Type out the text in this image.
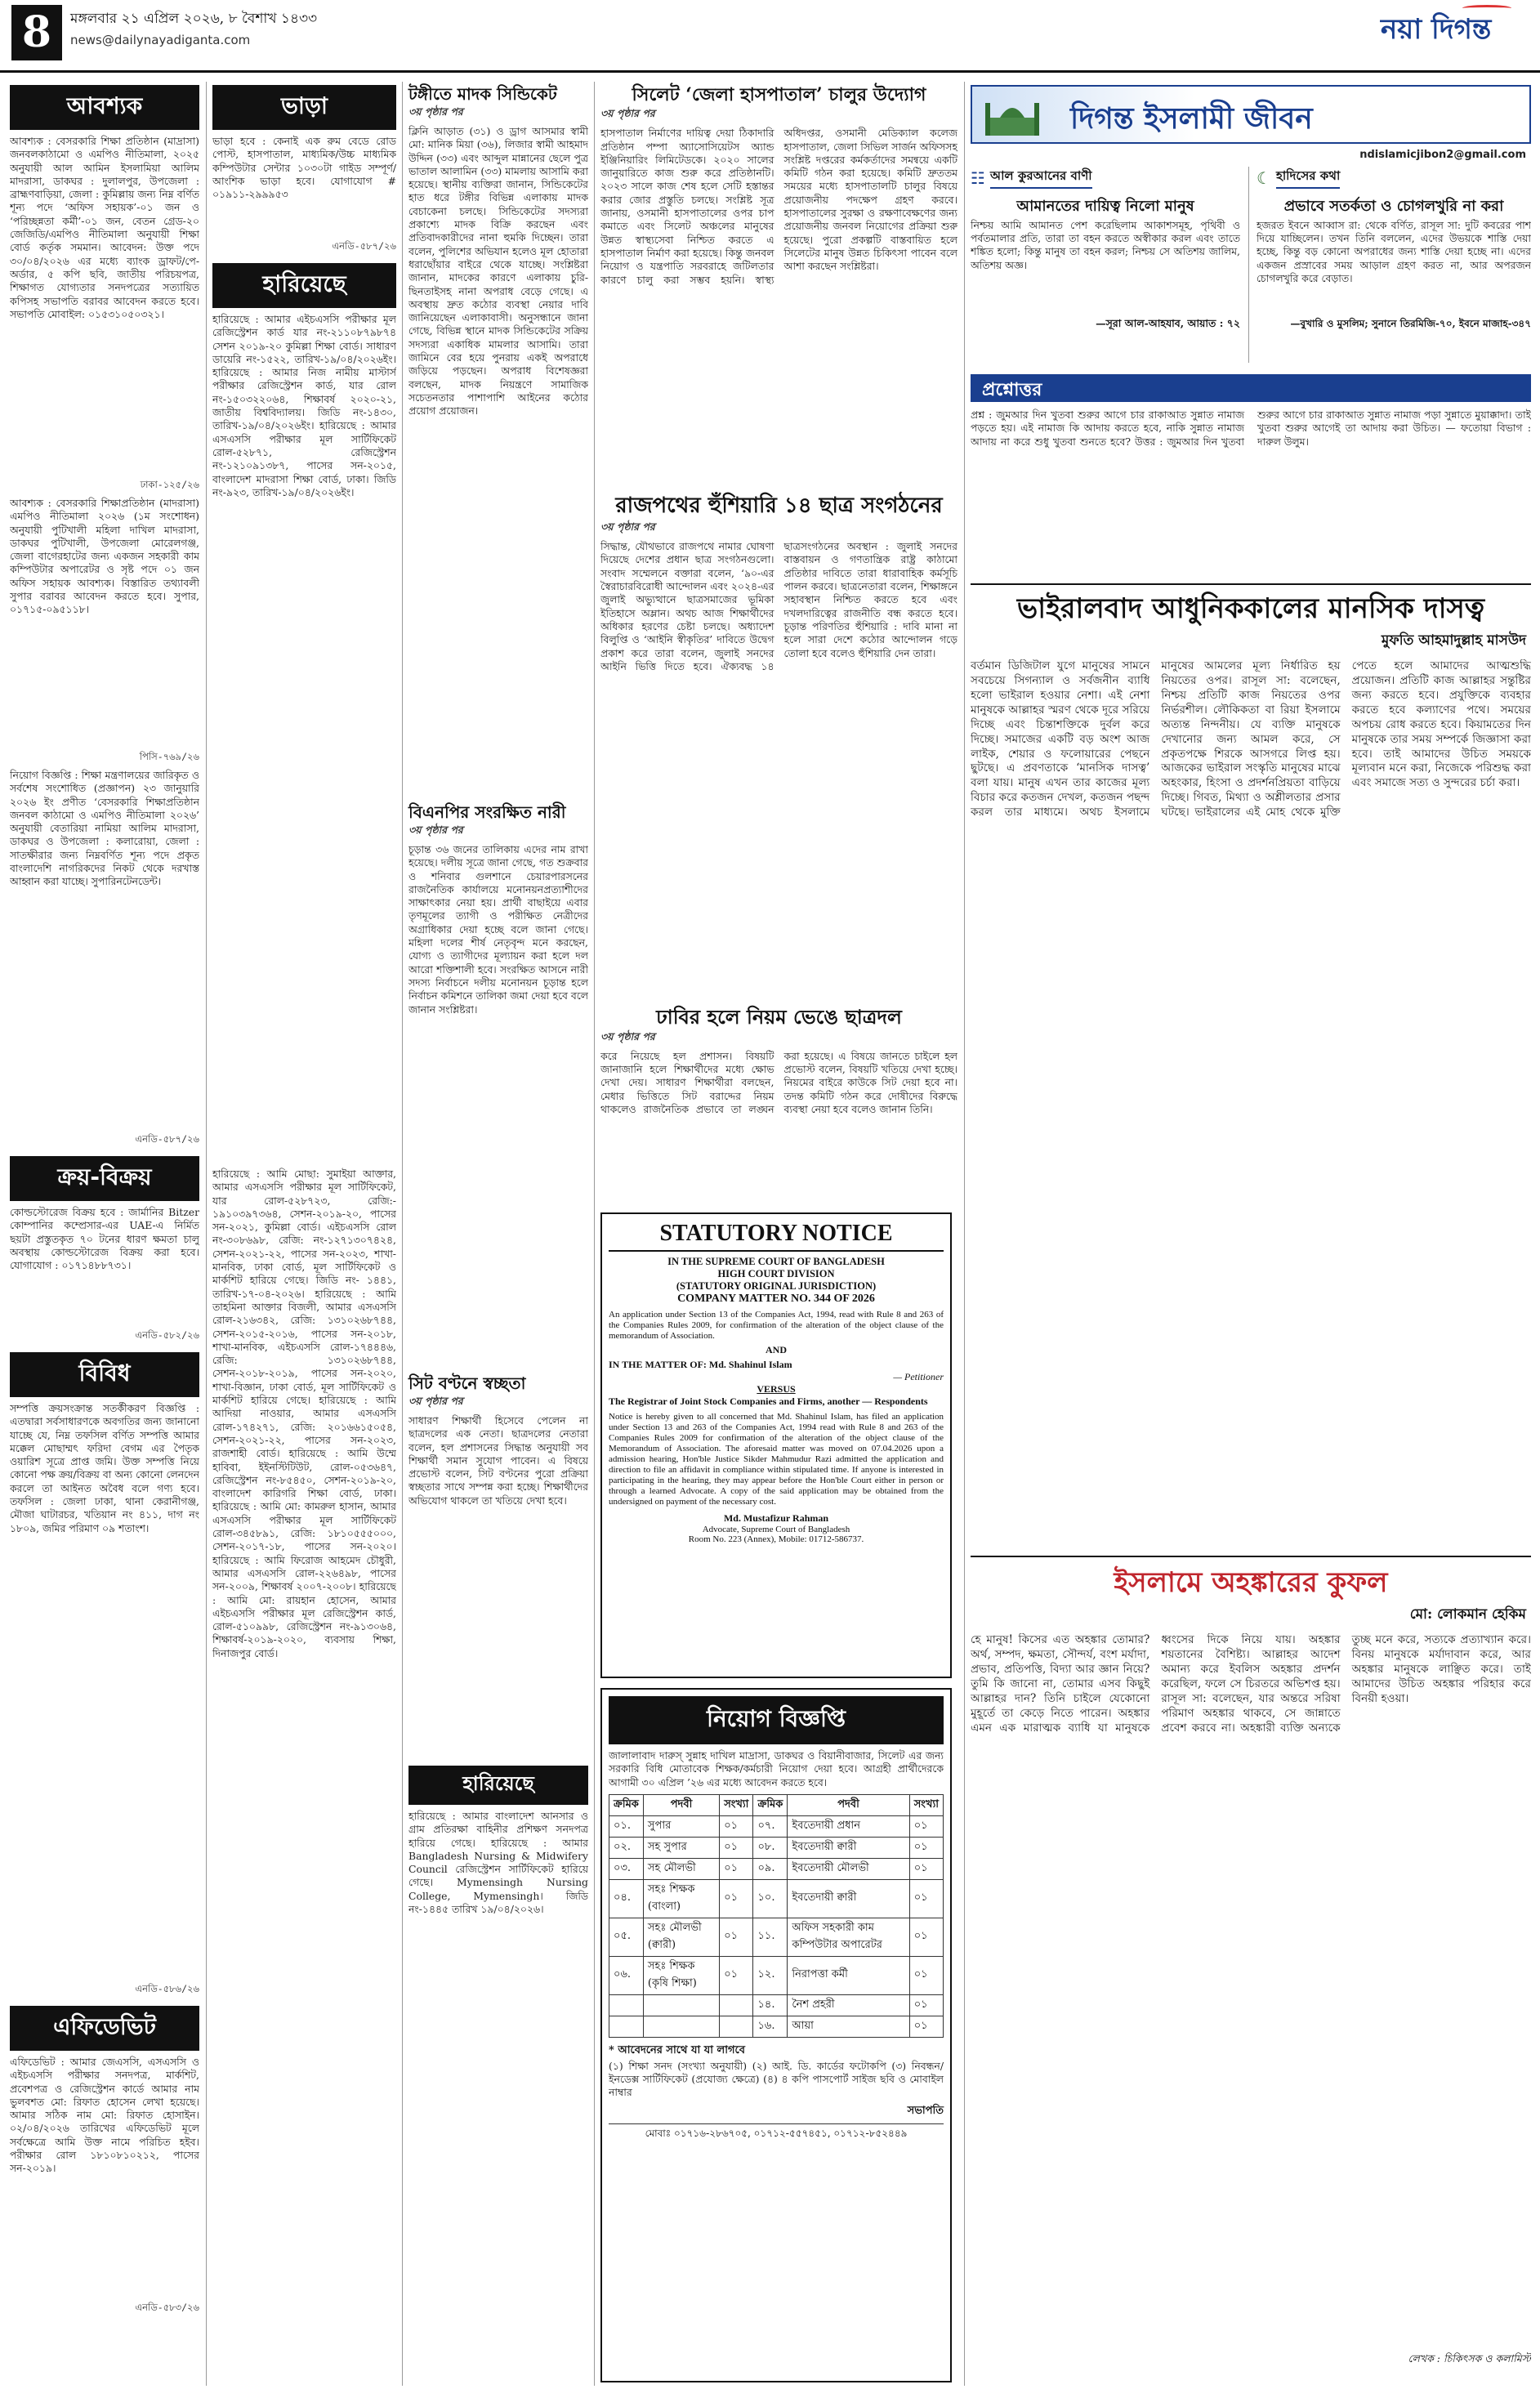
8	মঙ্গলবার ২১ এপ্রিল ২০২৬, ৮ বৈশাখ ১৪৩৩
news@dailynayadiganta.com	নয়া দিগন্ত
আবশ্যক
আবশ্যক : বেসরকারি শিক্ষা প্রতিষ্ঠান (মাদ্রাসা) জনবলকাঠামো ও এমপিও নীতিমালা, ২০২৫ অনুযায়ী আল আমিন ইসলামিয়া আলিম মাদরাসা, ডাকঘর : দুলালপুর, উপজেলা : ব্রাহ্মণবাড়িয়া, জেলা : কুমিল্লায় জন্য নিম্ন বর্ণিত শূন্য পদে ‘অফিস সহায়ক’-০১ জন ও ‘পরিচ্ছন্নতা কর্মী’-০১ জন, বেতন গ্রেড-২০ জেজিডি/এমপিও নীতিমালা অনুযায়ী শিক্ষা বোর্ড কর্তৃক সমমান। আবেদন: উক্ত পদে ৩০/০৪/২০২৬ এর মধ্যে ব্যাংক ড্রাফট/পে-অর্ডার, ৫ কপি ছবি, জাতীয় পরিচয়পত্র, শিক্ষাগত যোগ্যতার সনদপত্রের সত্যায়িত কপিসহ সভাপতি বরাবর আবেদন করতে হবে। সভাপতি মোবাইল: ০১৫৩১০৫০৩২১।
ঢাকা-১২৫/২৬
আবশ্যক : বেসরকারি শিক্ষাপ্রতিষ্ঠান (মাদরাসা) এমপিও নীতিমালা ২০২৬ (১ম সংশোধন) অনুযায়ী পুটিখালী মহিলা দাখিল মাদরাসা, ডাকঘর পুটিখালী, উপজেলা মোরেলগঞ্জ, জেলা বাগেরহাটের জন্য একজন সহকারী কাম কম্পিউটার অপারেটর ও সৃষ্ট পদে ০১ জন অফিস সহায়ক আবশ্যক। বিস্তারিত তথ্যাবলী সুপার বরাবর আবেদন করতে হবে। সুপার, ০১৭১৫-০৯৫১১৮।
পিসি-৭৬৯/২৬
নিয়োগ বিজ্ঞপ্তি : শিক্ষা মন্ত্রণালয়ের জারিকৃত ও সর্বশেষ সংশোধিত (প্রজ্ঞাপন) ২৩ জানুয়ারি ২০২৬ ইং প্রণীত ‘বেসরকারি শিক্ষাপ্রতিষ্ঠান জনবল কাঠামো ও এমপিও নীতিমালা ২০২৬’ অনুযায়ী বেতারিয়া নামিয়া আলিম মাদরাসা, ডাকঘর ও উপজেলা : কলারোয়া, জেলা : সাতক্ষীরার জন্য নিম্নবর্ণিত শূন্য পদে প্রকৃত বাংলাদেশি নাগরিকদের নিকট থেকে দরখাস্ত আহ্বান করা যাচ্ছে। সুপারিনটেনডেন্ট।
এনডি-৫৮৭/২৬
ক্রয়-বিক্রয়
কোল্ডস্টোরেজ বিক্রয় হবে : জার্মানির Bitzer কোম্পানির কম্প্রেসার-এর UAE-এ নির্মিত ছয়টা প্রস্তুতকৃত ৭০ টনের ধারণ ক্ষমতা চালু অবস্থায় কোল্ডস্টোরেজ বিক্রয় করা হবে। যোগাযোগ : ০১৭১৪৮৮৭৩১।
এনডি-৫৮২/২৬
বিবিধ
সম্পত্তি ক্রয়সংক্রান্ত সতর্কীকরণ বিজ্ঞপ্তি : এতদ্বারা সর্বসাধারণকে অবগতির জন্য জানানো যাচ্ছে যে, নিম্ন তফসিল বর্ণিত সম্পত্তি আমার মক্কেল মোছাম্মৎ ফরিদা বেগম এর পৈতৃক ওয়ারিশ সূত্রে প্রাপ্ত জমি। উক্ত সম্পত্তি নিয়ে কোনো পক্ষ ক্রয়/বিক্রয় বা অন্য কোনো লেনদেন করলে তা আইনত অবৈধ বলে গণ্য হবে। তফসিল : জেলা ঢাকা, থানা কেরানীগঞ্জ, মৌজা ঘাটারচর, খতিয়ান নং ৪১১, দাগ নং ১৮০৯, জমির পরিমাণ ০৯ শতাংশ।
এনডি-৫৮৬/২৬
এফিডেভিট
এফিডেভিট : আমার জেএসসি, এসএসসি ও এইচএসসি পরীক্ষার সনদপত্র, মার্কশিট, প্রবেশপত্র ও রেজিস্ট্রেশন কার্ডে আমার নাম ভুলবশত মো: রিফাত হোসেন লেখা হয়েছে। আমার সঠিক নাম মো: রিফাত হোসাইন। ০২/০৪/২০২৬ তারিখের এফিডেভিট মূলে সর্বক্ষেত্রে আমি উক্ত নামে পরিচিত হইব। পরীক্ষার রোল ১৮১০৮১০২১২, পাসের সন-২০১৯।
এনডি-৫৮৩/২৬
ভাড়া
ভাড়া হবে : কেনাই এক রুম বেডে রোড পোস্ট, হাসপাতাল, মাধ্যমিক/উচ্চ মাধ্যমিক কম্পিউটার সেন্টার ১০৩০টা গাইড সম্পূর্ণ/আংশিক ভাড়া হবে। যোগাযোগ # ০১৯১১-২৯৯৯৫৩
এনডি-৫৮৭/২৬
হারিয়েছে
হারিয়েছে : আমার এইচএসসি পরীক্ষার মূল রেজিস্ট্রেশন কার্ড যার নং-২১১০৮৭৯৮৭৪ সেশন ২০১৯-২০ কুমিল্লা শিক্ষা বোর্ড। সাধারণ ডায়েরি নং-১৫২২, তারিখ-১৯/০৪/২০২৬ইং। হারিয়েছে : আমার নিজ নামীয় মাস্টার্স পরীক্ষার রেজিস্ট্রেশন কার্ড, যার রোল নং-১৫০৩২২০৬৪, শিক্ষাবর্ষ ২০২০-২১, জাতীয় বিশ্ববিদ্যালয়। জিডি নং-১৪৩০, তারিখ-১৯/০৪/২০২৬ইং। হারিয়েছে : আমার এসএসসি পরীক্ষার মূল সার্টিফিকেট রোল-৫২৮৭১, রেজিস্ট্রেশন নং-১২১০৯১৩৮৭, পাসের সন-২০১৫, বাংলাদেশ মাদরাসা শিক্ষা বোর্ড, ঢাকা। জিডি নং-৯২৩, তারিখ-১৯/০৪/২০২৬ইং।
হারিয়েছে : আমি মোছা: সুমাইয়া আক্তার, আমার এসএসসি পরীক্ষার মূল সার্টিফিকেট, যার রোল-৫২৮৭২৩, রেজি:- ১৯১০৩৯৭৩৬৪, সেশন-২০১৯-২০, পাসের সন-২০২১, কুমিল্লা বোর্ড। এইচএসসি রোল নং-৩০৮৬৯৮, রেজি: নং-১২৭১৩০৭৪২৪, সেশন-২০২১-২২, পাসের সন-২০২৩, শাখা-মানবিক, ঢাকা বোর্ড, মূল সার্টিফিকেট ও মার্কশিট হারিয়ে গেছে। জিডি নং- ১৪৪১, তারিখ-১৭-০৪-২০২৬। হারিয়েছে : আমি তাহমিনা আক্তার বিজলী, আমার এসএসসি রোল-২১৬৩৪২, রেজি: ১৩১০২৬৮৭৪৪, সেশন-২০১৫-২০১৬, পাসের সন-২০১৮, শাখা-মানবিক, এইচএসসি রোল-১৭৪৪৪৬, রেজি: ১৩১০২৬৮৭৪৪, সেশন-২০১৮-২০১৯, পাসের সন-২০২০, শাখা-বিজ্ঞান, ঢাকা বোর্ড, মূল সার্টিফিকেট ও মার্কশিট হারিয়ে গেছে। হারিয়েছে : আমি আদিয়া নাওয়ার, আমার এসএসসি রোল-১৭৪২৭১, রেজি: ২০১৬৬১৫০৫৪, সেশন-২০২১-২২, পাসের সন-২০২৩, রাজশাহী বোর্ড। হারিয়েছে : আমি উম্মে হাবিবা, ইইনস্টিটিউট, রোল-০৫৩৬৪৭, রেজিস্ট্রেশন নং-৮৫৪৫০, সেশন-২০১৯-২০, বাংলাদেশ কারিগরি শিক্ষা বোর্ড, ঢাকা। হারিয়েছে : আমি মো: কামরুল হাসান, আমার এসএসসি পরীক্ষার মূল সার্টিফিকেট রোল-৩৪৫৮৯১, রেজি: ১৮১০৫৫৫০০০, সেশন-২০১৭-১৮, পাসের সন-২০২০। হারিয়েছে : আমি ফিরোজ আহমেদ চৌধুরী, আমার এসএসসি রোল-২২৬৪৯৮, পাসের সন-২০০৯, শিক্ষাবর্ষ ২০০৭-২০০৮। হারিয়েছে : আমি মো: রায়হান হোসেন, আমার এইচএসসি পরীক্ষার মূল রেজিস্ট্রেশন কার্ড, রোল-৫১০৯৯৮, রেজিস্ট্রেশন নং-৯১৩০৬৪, শিক্ষাবর্ষ-২০১৯-২০২০, ব্যবসায় শিক্ষা, দিনাজপুর বোর্ড।
টঙ্গীতে মাদক সিন্ডিকেট
৩য় পৃষ্ঠার পর
ক্লিনি আড়াত (৩১) ও ড্রাগ আসমার স্বামী মো: মানিক মিয়া (৩৬), লিজার স্বামী আহমাদ উদ্দিন (৩৩) এবং আব্দুল মান্নানের ছেলে পুত্র ভাতাল আলামিন (৩৩) মামলায় আসামি করা হয়েছে। স্থানীয় ব্যক্তিরা জানান, সিন্ডিকেটের হাত ধরে টঙ্গীর বিভিন্ন এলাকায় মাদক বেচাকেনা চলছে। সিন্ডিকেটের সদস্যরা প্রকাশ্যে মাদক বিক্রি করছেন এবং প্রতিবাদকারীদের নানা হুমকি দিচ্ছেন। তারা বলেন, পুলিশের অভিযান হলেও মূল হোতারা ধরাছোঁয়ার বাইরে থেকে যাচ্ছে। সংশ্লিষ্টরা জানান, মাদকের কারণে এলাকায় চুরি-ছিনতাইসহ নানা অপরাধ বেড়ে গেছে। এ অবস্থায় দ্রুত কঠোর ব্যবস্থা নেয়ার দাবি জানিয়েছেন এলাকাবাসী। অনুসন্ধানে জানা গেছে, বিভিন্ন স্থানে মাদক সিন্ডিকেটের সক্রিয় সদস্যরা একাধিক মামলার আসামি। তারা জামিনে বের হয়ে পুনরায় একই অপরাধে জড়িয়ে পড়ছেন। অপরাধ বিশেষজ্ঞরা বলছেন, মাদক নিয়ন্ত্রণে সামাজিক সচেতনতার পাশাপাশি আইনের কঠোর প্রয়োগ প্রয়োজন।
বিএনপির সংরক্ষিত নারী
৩য় পৃষ্ঠার পর
চূড়ান্ত ৩৬ জনের তালিকায় এদের নাম রাখা হয়েছে। দলীয় সূত্রে জানা গেছে, গত শুক্রবার ও শনিবার গুলশানে চেয়ারপারসনের রাজনৈতিক কার্যালয়ে মনোনয়নপ্রত্যাশীদের সাক্ষাৎকার নেয়া হয়। প্রার্থী বাছাইয়ে এবার তৃণমূলের ত্যাগী ও পরীক্ষিত নেত্রীদের অগ্রাধিকার দেয়া হচ্ছে বলে জানা গেছে। মহিলা দলের শীর্ষ নেতৃবৃন্দ মনে করছেন, যোগ্য ও ত্যাগীদের মূল্যায়ন করা হলে দল আরো শক্তিশালী হবে। সংরক্ষিত আসনে নারী সদস্য নির্বাচনে দলীয় মনোনয়ন চূড়ান্ত হলে নির্বাচন কমিশনে তালিকা জমা দেয়া হবে বলে জানান সংশ্লিষ্টরা।
সিট বণ্টনে স্বচ্ছতা
৩য় পৃষ্ঠার পর
সাধারণ শিক্ষার্থী হিসেবে পেলেন না ছাত্রদলের এক নেতা। ছাত্রদলের নেতারা বলেন, হল প্রশাসনের সিদ্ধান্ত অনুযায়ী সব শিক্ষার্থী সমান সুযোগ পাবেন। এ বিষয়ে প্রভোস্ট বলেন, সিট বণ্টনের পুরো প্রক্রিয়া স্বচ্ছতার সাথে সম্পন্ন করা হচ্ছে। শিক্ষার্থীদের অভিযোগ থাকলে তা খতিয়ে দেখা হবে।
হারিয়েছে
হারিয়েছে : আমার বাংলাদেশ আনসার ও গ্রাম প্রতিরক্ষা বাহিনীর প্রশিক্ষণ সনদপত্র হারিয়ে গেছে। হারিয়েছে : আমার Bangladesh Nursing & Midwifery Council রেজিস্ট্রেশন সার্টিফিকেট হারিয়ে গেছে। Mymensingh Nursing College, Mymensingh। জিডি নং-১৪৪৫ তারিখ ১৯/০৪/২০২৬।
সিলেট ‘জেলা হাসপাতাল’ চালুর উদ্যোগ
৩য় পৃষ্ঠার পর
হাসপাতাল নির্মাণের দায়িত্ব দেয়া ঠিকাদারি প্রতিষ্ঠান পম্পা অ্যাসোসিয়েটস অ্যান্ড ইঞ্জিনিয়ারিং লিমিটেডকে। ২০২০ সালের জানুয়ারিতে কাজ শুরু করে প্রতিষ্ঠানটি। ২০২৩ সালে কাজ শেষ হলে সেটি হস্তান্তর করার জোর প্রস্তুতি চলছে। সংশ্লিষ্ট সূত্র জানায়, ওসমানী হাসপাতালের ওপর চাপ কমাতে এবং সিলেট অঞ্চলের মানুষের উন্নত স্বাস্থ্যসেবা নিশ্চিত করতে এ হাসপাতাল নির্মাণ করা হয়েছে। কিন্তু জনবল নিয়োগ ও যন্ত্রপাতি সরবরাহে জটিলতার কারণে চালু করা সম্ভব হয়নি। স্বাস্থ্য অধিদপ্তর, ওসমানী মেডিক্যাল কলেজ হাসপাতাল, জেলা সিভিল সার্জন অফিসসহ সংশ্লিষ্ট দপ্তরের কর্মকর্তাদের সমন্বয়ে একটি কমিটি গঠন করা হয়েছে। কমিটি দ্রুততম সময়ের মধ্যে হাসপাতালটি চালুর বিষয়ে প্রয়োজনীয় পদক্ষেপ গ্রহণ করবে। হাসপাতালের সুরক্ষা ও রক্ষণাবেক্ষণের জন্য প্রয়োজনীয় জনবল নিয়োগের প্রক্রিয়া শুরু হয়েছে। পুরো প্রকল্পটি বাস্তবায়িত হলে সিলেটের মানুষ উন্নত চিকিৎসা পাবেন বলে আশা করছেন সংশ্লিষ্টরা।
রাজপথের হুঁশিয়ারি ১৪ ছাত্র সংগঠনের
৩য় পৃষ্ঠার পর
সিদ্ধান্ত, যৌথভাবে রাজপথে নামার ঘোষণা দিয়েছে দেশের প্রধান ছাত্র সংগঠনগুলো। সংবাদ সম্মেলনে বক্তারা বলেন, ‘৯০-এর স্বৈরাচারবিরোধী আন্দোলন এবং ২০২৪-এর জুলাই অভ্যুত্থানে ছাত্রসমাজের ভূমিকা ইতিহাসে অম্লান। অথচ আজ শিক্ষার্থীদের অধিকার হরণের চেষ্টা চলছে। অধ্যাদেশ বিলুপ্তি ও ‘আইনি স্বীকৃতির’ দাবিতে উদ্বেগ প্রকাশ করে তারা বলেন, জুলাই সনদের আইনি ভিত্তি দিতে হবে। ঐক্যবদ্ধ ১৪ ছাত্রসংগঠনের অবস্থান : জুলাই সনদের বাস্তবায়ন ও গণতান্ত্রিক রাষ্ট্র কাঠামো প্রতিষ্ঠার দাবিতে তারা ধারাবাহিক কর্মসূচি পালন করবে। ছাত্রনেতারা বলেন, শিক্ষাঙ্গনে সহাবস্থান নিশ্চিত করতে হবে এবং দখলদারিত্বের রাজনীতি বন্ধ করতে হবে। চূড়ান্ত পরিণতির হুঁশিয়ারি : দাবি মানা না হলে সারা দেশে কঠোর আন্দোলন গড়ে তোলা হবে বলেও হুঁশিয়ারি দেন তারা।
ঢাবির হলে নিয়ম ভেঙে ছাত্রদল
৩য় পৃষ্ঠার পর
করে নিয়েছে হল প্রশাসন। বিষয়টি জানাজানি হলে শিক্ষার্থীদের মধ্যে ক্ষোভ দেখা দেয়। সাধারণ শিক্ষার্থীরা বলছেন, মেধার ভিত্তিতে সিট বরাদ্দের নিয়ম থাকলেও রাজনৈতিক প্রভাবে তা লঙ্ঘন করা হয়েছে। এ বিষয়ে জানতে চাইলে হল প্রভোস্ট বলেন, বিষয়টি খতিয়ে দেখা হচ্ছে। নিয়মের বাইরে কাউকে সিট দেয়া হবে না। তদন্ত কমিটি গঠন করে দোষীদের বিরুদ্ধে ব্যবস্থা নেয়া হবে বলেও জানান তিনি।
STATUTORY NOTICE
IN THE SUPREME COURT OF BANGLADESH
HIGH COURT DIVISION
(STATUTORY ORIGINAL JURISDICTION)
COMPANY MATTER NO. 344 OF 2026
An application under Section 13 of the Companies Act, 1994, read with Rule 8 and 263 of the Companies Rules 2009, for confirmation of the alteration of the object clause of the memorandum of Association.
AND
IN THE MATTER OF: Md. Shahinul Islam
— Petitioner
VERSUS
The Registrar of Joint Stock Companies and Firms, another — Respondents
Notice is hereby given to all concerned that Md. Shahinul Islam, has filed an application under Section 13 and 263 of the Companies Act, 1994 read with Rule 8 and 263 of the Companies Rules 2009 for confirmation of the alteration of the object clause of the Memorandum of Association. The aforesaid matter was moved on 07.04.2026 upon a admission hearing, Hon'ble Justice Sikder Mahmudur Razi admitted the application and direction to file an affidavit in compliance within stipulated time. If anyone is interested in participating in the hearing, they may appear before the Hon'ble Court either in person or through a learned Advocate. A copy of the said application may be obtained from the undersigned on payment of the necessary cost.
Md. Mustafizur Rahman
Advocate, Supreme Court of Bangladesh
Room No. 223 (Annex), Mobile: 01712-586737.
নিয়োগ বিজ্ঞপ্তি
জালালাবাদ দারুস্ সুন্নাহ দাখিল মাদ্রাসা, ডাকঘর ও বিয়ানীবাজার, সিলেট এর জন্য সরকারি বিধি মোতাবেক শিক্ষক/কর্মচারী নিয়োগ দেয়া হবে। আগ্রহী প্রার্থীদেরকে আগামী ৩০ এপ্রিল ’২৬ এর মধ্যে আবেদন করতে হবে।
ক্রমিক	পদবী	সংখ্যা	ক্রমিক	পদবী	সংখ্যা
০১.	সুপার	০১	০৭.	ইবতেদায়ী প্রধান	০১
০২.	সহ সুপার	০১	০৮.	ইবতেদায়ী ক্বারী	০১
০৩.	সহ মৌলভী	০১	০৯.	ইবতেদায়ী মৌলভী	০১
০৪.	সহঃ শিক্ষক (বাংলা)	০১	১০.	ইবতেদায়ী ক্বারী	০১
০৫.	সহঃ মৌলভী (ক্বারী)	০১	১১.	অফিস সহকারী কাম কম্পিউটার অপারেটর	০১
০৬.	সহঃ শিক্ষক (কৃষি শিক্ষা)	০১	১২.	নিরাপত্তা কর্মী	০১
			১৪.	নৈশ প্রহরী	০১
			১৬.	আয়া	০১
* আবেদনের সাথে যা যা লাগবে
(১) শিক্ষা সনদ (সংখ্যা অনুযায়ী) (২) আই. ডি. কার্ডের ফটোকপি (৩) নিবন্ধন/ইনডেক্স সার্টিফিকেট (প্রযোজ্য ক্ষেত্রে) (৪) ৪ কপি পাসপোর্ট সাইজ ছবি ও মোবাইল নাম্বার
সভাপতি
মোবাঃ ০১৭১৬-২৮৬৭০৫, ০১৭১২-৫৫৭৪৫১, ০১৭১২-৮৫২৪৪৯
দিগন্ত ইসলামী জীবন
ndislamicjibon2@gmail.com
☷ আল কুরআনের বাণী
আমানতের দায়িত্ব নিলো মানুষ
নিশ্চয় আমি আমানত পেশ করেছিলাম আকাশসমূহ, পৃথিবী ও পর্বতমালার প্রতি, তারা তা বহন করতে অস্বীকার করল এবং তাতে শঙ্কিত হলো; কিন্তু মানুষ তা বহন করল; নিশ্চয় সে অতিশয় জালিম, অতিশয় অজ্ঞ।
—সূরা আল-আহযাব, আয়াত : ৭২
☾ হাদিসের কথা
প্রভাবে সতর্কতা ও চোগলখুরি না করা
হজরত ইবনে আব্বাস রা: থেকে বর্ণিত, রাসূল সা: দুটি কবরের পাশ দিয়ে যাচ্ছিলেন। তখন তিনি বললেন, এদের উভয়কে শাস্তি দেয়া হচ্ছে, কিন্তু বড় কোনো অপরাধের জন্য শাস্তি দেয়া হচ্ছে না। এদের একজন প্রস্রাবের সময় আড়াল গ্রহণ করত না, আর অপরজন চোগলখুরি করে বেড়াত।
—বুখারি ও মুসলিম; সুনানে তিরমিজি-৭০, ইবনে মাজাহ-৩৪৭
প্রশ্নোত্তর
প্রশ্ন : জুমআর দিন খুতবা শুরুর আগে চার রাকাআত সুন্নাত নামাজ পড়তে হয়। এই নামাজ কি আদায় করতে হবে, নাকি সুন্নাত নামাজ আদায় না করে শুধু খুতবা শুনতে হবে? উত্তর : জুমআর দিন খুতবা শুরুর আগে চার রাকাআত সুন্নাত নামাজ পড়া সুন্নাতে মুয়াক্কাদা। তাই খুতবা শুরুর আগেই তা আদায় করা উচিত। — ফতোয়া বিভাগ : দারুল উলুম।
ভাইরালবাদ আধুনিককালের মানসিক দাসত্ব
মুফতি আহমাদুল্লাহ মাসউদ
বর্তমান ডিজিটাল যুগে মানুষের সামনে সবচেয়ে সিগন্যাল ও সর্বজনীন ব্যাধি হলো ভাইরাল হওয়ার নেশা। এই নেশা মানুষকে আল্লাহর স্মরণ থেকে দূরে সরিয়ে দিচ্ছে এবং চিন্তাশক্তিকে দুর্বল করে দিচ্ছে। সমাজের একটি বড় অংশ আজ লাইক, শেয়ার ও ফলোয়ারের পেছনে ছুটছে। এ প্রবণতাকে ‘মানসিক দাসত্ব’ বলা যায়। মানুষ এখন তার কাজের মূল্য বিচার করে কতজন দেখল, কতজন পছন্দ করল তার মাধ্যমে। অথচ ইসলামে মানুষের আমলের মূল্য নির্ধারিত হয় নিয়তের ওপর। রাসূল সা: বলেছেন, নিশ্চয় প্রতিটি কাজ নিয়তের ওপর নির্ভরশীল। লৌকিকতা বা রিয়া ইসলামে অত্যন্ত নিন্দনীয়। যে ব্যক্তি মানুষকে দেখানোর জন্য আমল করে, সে প্রকৃতপক্ষে শিরকে আসগরে লিপ্ত হয়। আজকের ভাইরাল সংস্কৃতি মানুষের মাঝে অহংকার, হিংসা ও প্রদর্শনপ্রিয়তা বাড়িয়ে দিচ্ছে। গিবত, মিথ্যা ও অশ্লীলতার প্রসার ঘটছে। ভাইরালের এই মোহ থেকে মুক্তি পেতে হলে আমাদের আত্মশুদ্ধি প্রয়োজন। প্রতিটি কাজ আল্লাহর সন্তুষ্টির জন্য করতে হবে। প্রযুক্তিকে ব্যবহার করতে হবে কল্যাণের পথে। সময়ের অপচয় রোধ করতে হবে। কিয়ামতের দিন মানুষকে তার সময় সম্পর্কে জিজ্ঞাসা করা হবে। তাই আমাদের উচিত সময়কে মূল্যবান মনে করা, নিজেকে পরিশুদ্ধ করা এবং সমাজে সত্য ও সুন্দরের চর্চা করা।
ইসলামে অহঙ্কারের কুফল
মো: লোকমান হেকিম
হে মানুষ! কিসের এত অহঙ্কার তোমার? অর্থ, সম্পদ, ক্ষমতা, সৌন্দর্য, বংশ মর্যাদা, প্রভাব, প্রতিপত্তি, বিদ্যা আর জ্ঞান নিয়ে? তুমি কি জানো না, তোমার এসব কিছুই আল্লাহর দান? তিনি চাইলে যেকোনো মুহূর্তে তা কেড়ে নিতে পারেন। অহঙ্কার এমন এক মারাত্মক ব্যাধি যা মানুষকে ধ্বংসের দিকে নিয়ে যায়। অহঙ্কার শয়তানের বৈশিষ্ট্য। আল্লাহর আদেশ অমান্য করে ইবলিস অহঙ্কার প্রদর্শন করেছিল, ফলে সে চিরতরে অভিশপ্ত হয়। রাসূল সা: বলেছেন, যার অন্তরে সরিষা পরিমাণ অহঙ্কার থাকবে, সে জান্নাতে প্রবেশ করবে না। অহঙ্কারী ব্যক্তি অন্যকে তুচ্ছ মনে করে, সত্যকে প্রত্যাখ্যান করে। বিনয় মানুষকে মর্যাদাবান করে, আর অহঙ্কার মানুষকে লাঞ্ছিত করে। তাই আমাদের উচিত অহঙ্কার পরিহার করে বিনয়ী হওয়া।
লেখক : চিকিৎসক ও কলামিস্ট
